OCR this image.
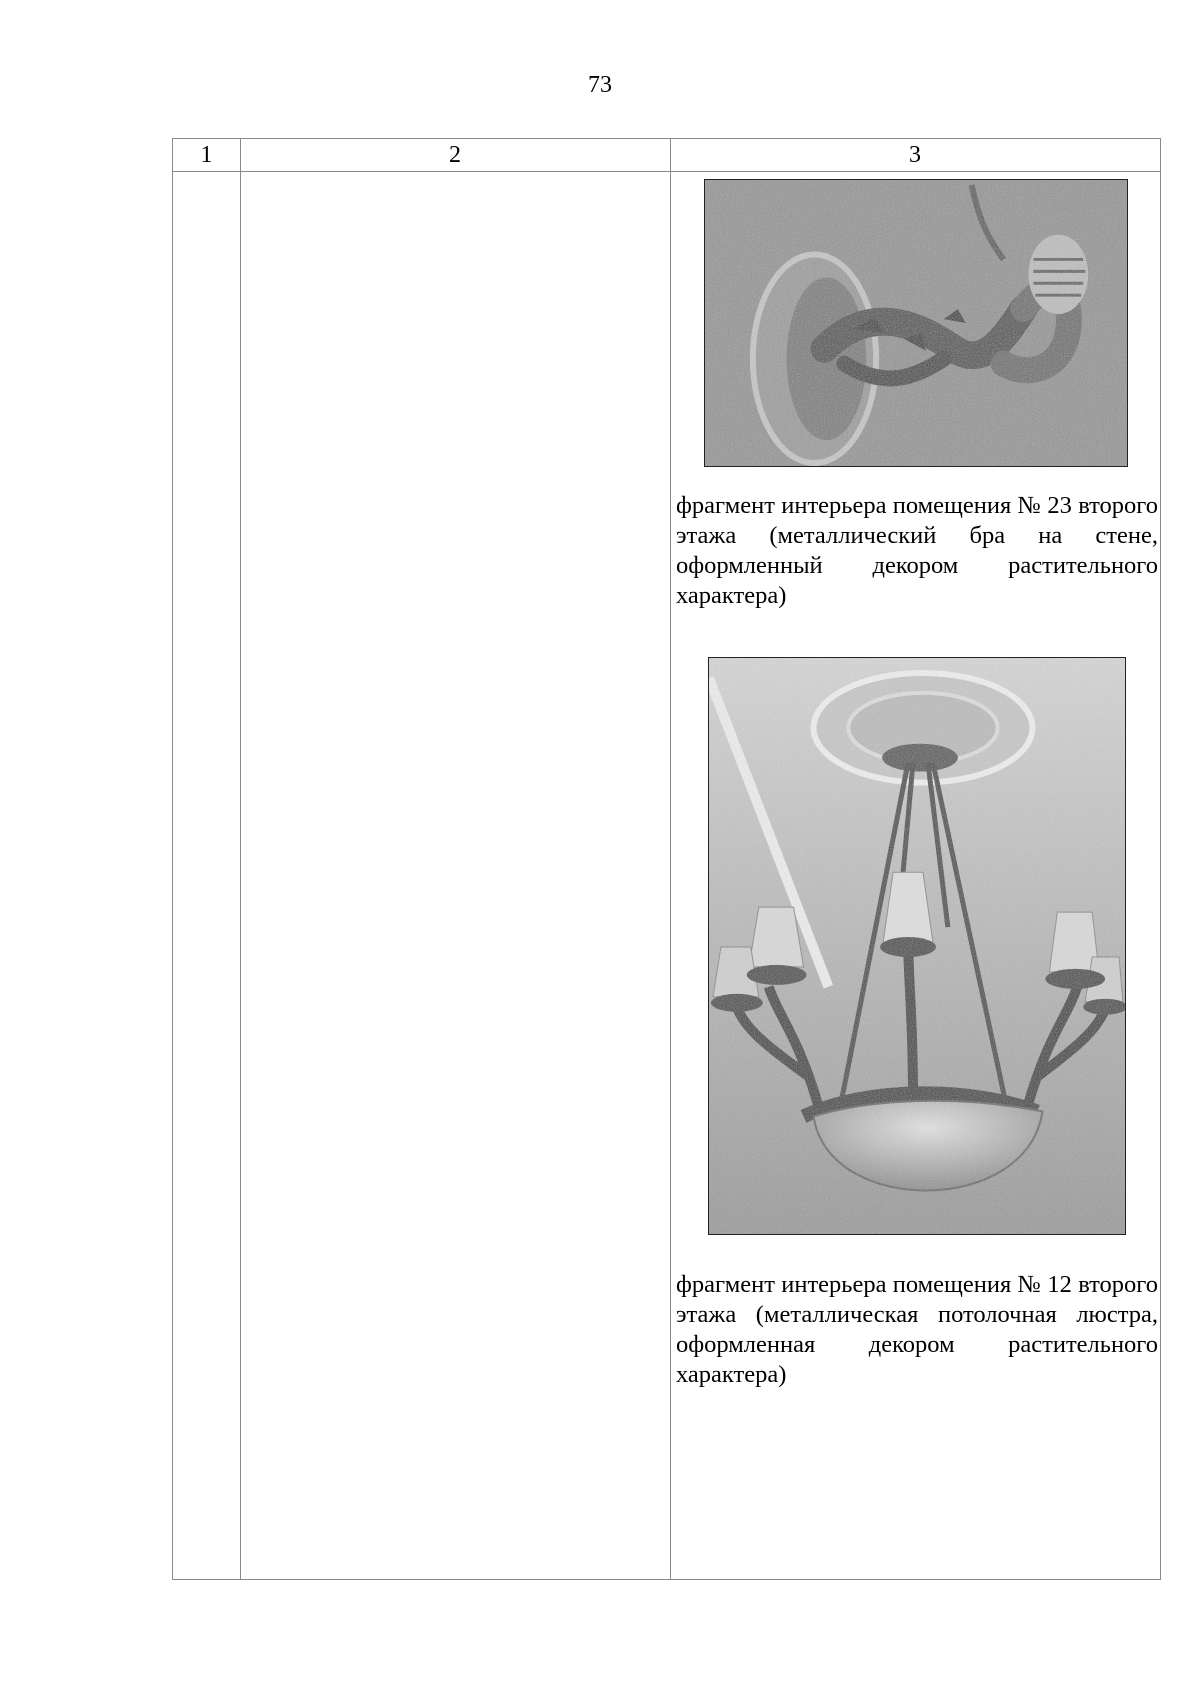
73
1	2	3
фрагмент интерьера помещения № 23 второго этажа (металлический бра на стене, оформленный декором растительного характера)
фрагмент интерьера помещения № 12 второго этажа (металлическая потолочная люстра, оформленная декором растительного характера)
